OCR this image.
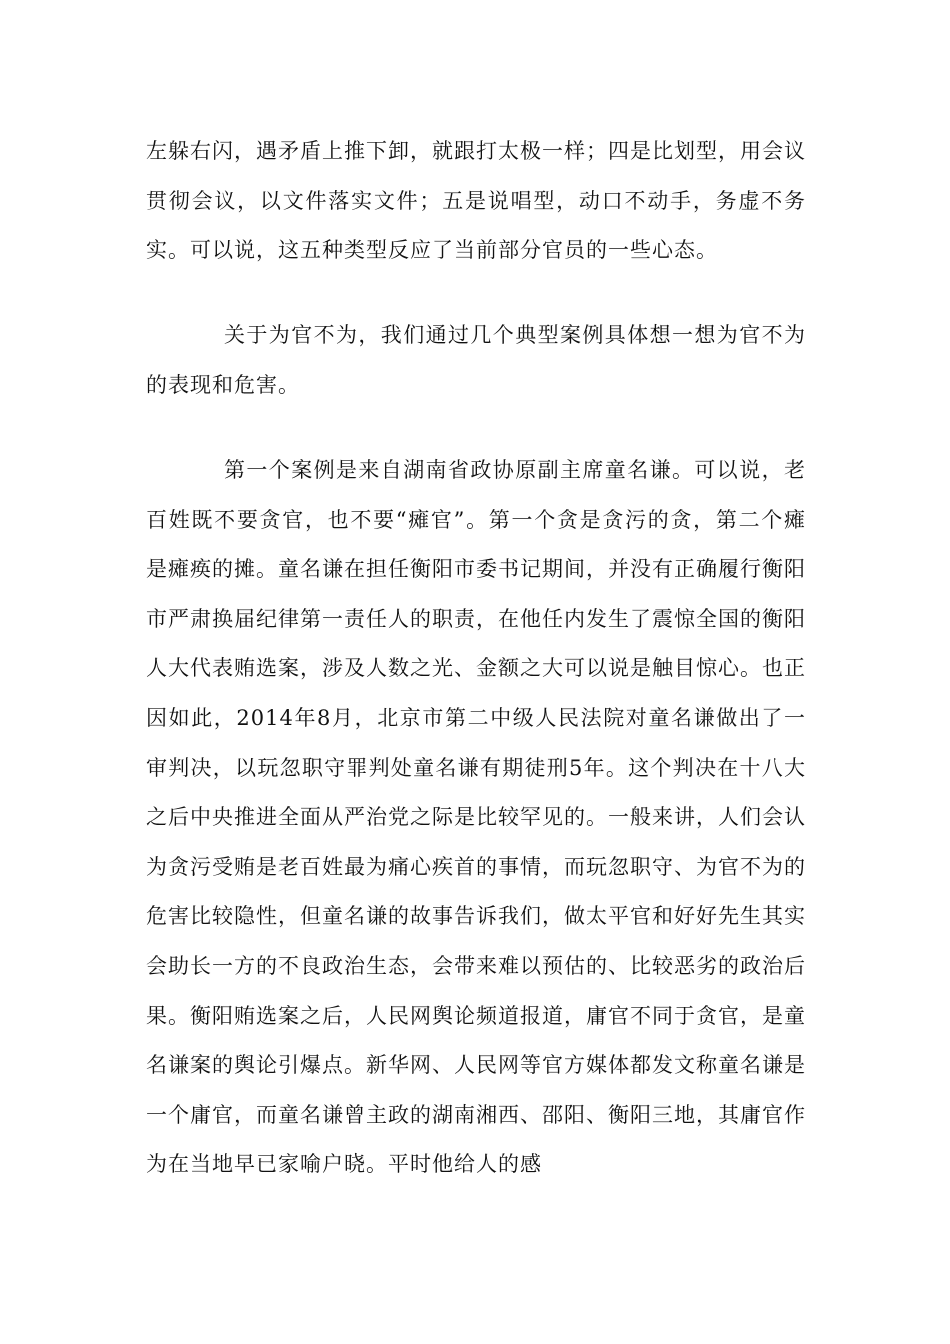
左躲右闪，遇矛盾上推下卸，就跟打太极一样；四是比划型，用会议贯彻会议，以文件落实文件；五是说唱型，动口不动手，务虚不务实。可以说，这五种类型反应了当前部分官员的一些心态。

关于为官不为，我们通过几个典型案例具体想一想为官不为的表现和危害。

第一个案例是来自湖南省政协原副主席童名谦。可以说，老百姓既不要贪官，也不要“瘫官”。第一个贪是贪污的贪，第二个瘫是瘫痪的摊。童名谦在担任衡阳市委书记期间，并没有正确履行衡阳市严肃换届纪律第一责任人的职责，在他任内发生了震惊全国的衡阳人大代表贿选案，涉及人数之光、金额之大可以说是触目惊心。也正因如此，2014年8月，北京市第二中级人民法院对童名谦做出了一审判决，以玩忽职守罪判处童名谦有期徒刑5年。这个判决在十八大之后中央推进全面从严治党之际是比较罕见的。一般来讲，人们会认为贪污受贿是老百姓最为痛心疾首的事情，而玩忽职守、为官不为的危害比较隐性，但童名谦的故事告诉我们，做太平官和好好先生其实会助长一方的不良政治生态，会带来难以预估的、比较恶劣的政治后果。衡阳贿选案之后，人民网舆论频道报道，庸官不同于贪官，是童名谦案的舆论引爆点。新华网、人民网等官方媒体都发文称童名谦是一个庸官，而童名谦曾主政的湖南湘西、邵阳、衡阳三地，其庸官作为在当地早已家喻户晓。平时他给人的感
